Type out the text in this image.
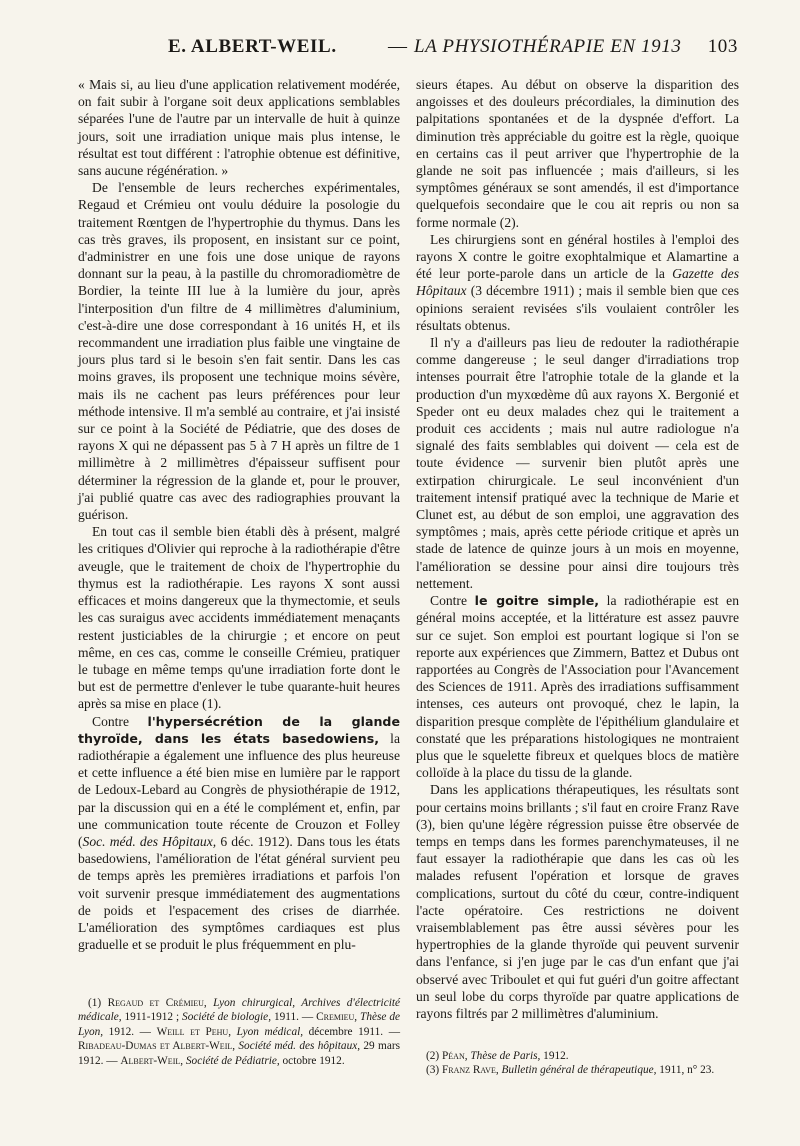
E. ALBERT-WEIL.	— LA PHYSIOTHÉRAPIE EN 1913 103

« Mais si, au lieu d'une application relativement modérée, on fait subir à l'organe soit deux applications semblables séparées l'une de l'autre par un intervalle de huit à quinze jours, soit une irradiation unique mais plus intense, le résultat est tout différent : l'atrophie obtenue est définitive, sans aucune régénération. »

De l'ensemble de leurs recherches expérimentales, Regaud et Crémieu ont voulu déduire la posologie du traitement Rœntgen de l'hypertrophie du thymus. Dans les cas très graves, ils proposent, en insistant sur ce point, d'administrer en une fois une dose unique de rayons donnant sur la peau, à la pastille du chromoradiomètre de Bordier, la teinte III lue à la lumière du jour, après l'interposition d'un filtre de 4 millimètres d'aluminium, c'est-à-dire une dose correspondant à 16 unités H, et ils recommandent une irradiation plus faible une vingtaine de jours plus tard si le besoin s'en fait sentir. Dans les cas moins graves, ils proposent une technique moins sévère, mais ils ne cachent pas leurs préférences pour leur méthode intensive. Il m'a semblé au contraire, et j'ai insisté sur ce point à la Société de Pédiatrie, que des doses de rayons X qui ne dépassent pas 5 à 7 H après un filtre de 1 millimètre à 2 millimètres d'épaisseur suffisent pour déterminer la régression de la glande et, pour le prouver, j'ai publié quatre cas avec des radiographies prouvant la guérison.

En tout cas il semble bien établi dès à présent, malgré les critiques d'Olivier qui reproche à la radiothérapie d'être aveugle, que le traitement de choix de l'hypertrophie du thymus est la radiothérapie. Les rayons X sont aussi efficaces et moins dangereux que la thymectomie, et seuls les cas suraigus avec accidents immédiatement menaçants restent justiciables de la chirurgie ; et encore on peut même, en ces cas, comme le conseille Crémieu, pratiquer le tubage en même temps qu'une irradiation forte dont le but est de permettre d'enlever le tube quarante-huit heures après sa mise en place (1).

Contre l'hypersécrétion de la glande thyroïde, dans les états basedowiens, la radiothérapie a également une influence des plus heureuse et cette influence a été bien mise en lumière par le rapport de Ledoux-Lebard au Congrès de physiothérapie de 1912, par la discussion qui en a été le complément et, enfin, par une communication toute récente de Crouzon et Folley (Soc. méd. des Hôpitaux, 6 déc. 1912). Dans tous les états basedowiens, l'amélioration de l'état général survient peu de temps après les premières irradiations et parfois l'on voit survenir presque immédiatement des augmentations de poids et l'espacement des crises de diarrhée. L'amélioration des symptômes cardiaques est plus graduelle et se produit le plus fréquemment en plu-

sieurs étapes. Au début on observe la disparition des angoisses et des douleurs précordiales, la diminution des palpitations spontanées et de la dyspnée d'effort. La diminution très appréciable du goitre est la règle, quoique en certains cas il peut arriver que l'hypertrophie de la glande ne soit pas influencée ; mais d'ailleurs, si les symptômes généraux se sont amendés, il est d'importance quelquefois secondaire que le cou ait repris ou non sa forme normale (2).

Les chirurgiens sont en général hostiles à l'emploi des rayons X contre le goitre exophtalmique et Alamartine a été leur porte-parole dans un article de la Gazette des Hôpitaux (3 décembre 1911) ; mais il semble bien que ces opinions seraient revisées s'ils voulaient contrôler les résultats obtenus.

Il n'y a d'ailleurs pas lieu de redouter la radiothérapie comme dangereuse ; le seul danger d'irradiations trop intenses pourrait être l'atrophie totale de la glande et la production d'un myxœdème dû aux rayons X. Bergonié et Speder ont eu deux malades chez qui le traitement a produit ces accidents ; mais nul autre radiologue n'a signalé des faits semblables qui doivent — cela est de toute évidence — survenir bien plutôt après une extirpation chirurgicale. Le seul inconvénient d'un traitement intensif pratiqué avec la technique de Marie et Clunet est, au début de son emploi, une aggravation des symptômes ; mais, après cette période critique et après un stade de latence de quinze jours à un mois en moyenne, l'amélioration se dessine pour ainsi dire toujours très nettement.

Contre le goitre simple, la radiothérapie est en général moins acceptée, et la littérature est assez pauvre sur ce sujet. Son emploi est pourtant logique si l'on se reporte aux expériences que Zimmern, Battez et Dubus ont rapportées au Congrès de l'Association pour l'Avancement des Sciences de 1911. Après des irradiations suffisamment intenses, ces auteurs ont provoqué, chez le lapin, la disparition presque complète de l'épithélium glandulaire et constaté que les préparations histologiques ne montraient plus que le squelette fibreux et quelques blocs de matière colloïde à la place du tissu de la glande.

Dans les applications thérapeutiques, les résultats sont pour certains moins brillants ; s'il faut en croire Franz Rave (3), bien qu'une légère régression puisse être observée de temps en temps dans les formes parenchymateuses, il ne faut essayer la radiothérapie que dans les cas où les malades refusent l'opération et lorsque de graves complications, surtout du côté du cœur, contre-indiquent l'acte opératoire. Ces restrictions ne doivent vraisemblablement pas être aussi sévères pour les hypertrophies de la glande thyroïde qui peuvent survenir dans l'enfance, si j'en juge par le cas d'un enfant que j'ai observé avec Triboulet et qui fut guéri d'un goitre affectant un seul lobe du corps thyroïde par quatre applications de rayons filtrés par 2 millimètres d'aluminium.

(1) Regaud et Crémieu, Lyon chirurgical, Archives d'électricité médicale, 1911-1912 ; Société de biologie, 1911. — Cremieu, Thèse de Lyon, 1912. — Weill et Pehu, Lyon médical, décembre 1911. — Ribadeau-Dumas et Albert-Weil, Société méd. des hôpitaux, 29 mars 1912. — Albert-Weil, Société de Pédiatrie, octobre 1912.	(2) Péan, Thèse de Paris, 1912.

(3) Franz Rave, Bulletin général de thérapeutique, 1911, n° 23.
